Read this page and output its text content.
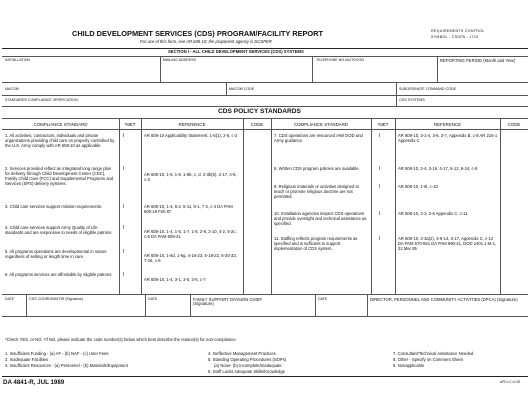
CHILD DEVELOPMENT SERVICES (CDS) PROGRAM/FACILITY REPORT
For use of this form, see AR 608-10; the proponent agency is DCSPER
REQUIREMENTS CONTROL
SYMBOL - CSDPA - 1710
SECTION I - ALL CHILD DEVELOPMENT SERVICES (CDS) SYSTEMS
INSTALLATION	MAILING ADDRESS	TELEPHONE NO./AUTOVON	REPORTING PERIOD (Month and Year)
MACOM	MACOM CODE	SUBORDINATE COMMAND CODE
STANDARDS COMPLIANCE VERIFICATION	CDS SYSTEMS
CDS POLICY STANDARDS
COMPLIANCE STANDARD	*MET	REFERENCE	CODE	COMPLIANCE STANDARD	*MET	REFERENCE	CODE
1. All activities, contractors, individuals and private organizations providing child care on property controlled by the U.S. Army comply with AR 608-10 as applicable.
I	AR 608-10 Applicability Statement, 1-6(1), 2-6, c-2
2. Services provided reflect an integrated long range plan for delivery through Child Development Center (CDC), Family Child Care (FCC) and Supplemental Programs and Services (SPS) delivery systems.
I
AR 608-10, 1-5, 1-6, 1-6b, c, d, 2-3b(6), 2-17, 4-5, c-3
3. Child care services support mission requirements.	I	AR 608-10, 1-4, 5-2, 5-11, 6-1, 7-2, c-4 DA PAM 600-19 Feb 87
4. Child care services support Army Quality of Life standards and are responsive to needs of eligible patrons.
I
AR 608-10, 1-4, 1-5, 1-7, 1-8, 2-9, 2-10, 4-2, 5-2c, c-5 DA PAM 608-41
5. All programs operations are developmental in nature regardless of setting or length time in care.
I
AR 608-10, 1-6d, 1-6g, 4-16-23, 5-18-22, 6-30-33, 7-16, c-6
6. All programs services are affordable by eligible patrons.	I
AR 608-10, 1-4, 3-1, 3-5, 3-6, c-7
7. CDS operations are resourced IAW DOD and Army guidance.
I	AR 608-10, 3-1-4, 3-6, 3-7, Appendix B, c-8 AR 215-1 Appendix C
8. Written CDS program policies are available.	I	AR 608-10, 2-4, 3-16, 4-17, 5-12, 6-24, c-9
9. Religious materials or activities designed to teach or promote religious doctrine are not permitted.
I	AR 608-10, 1-6l, c-10
10. Installation agencies inspect CDS operations and provide oversight and technical assistance as specified.
I	AR 608-10, 2-3, 2-6 Appendix C, c-11
11. Staffing reflects program requirements as specified and is sufficient to support implementation of CDS system.
I	AR 608-10, 2-3a(2), 3-9-14, 3-17, Appendix C, c-12 DA PAM 570-551 DA PAM 690-41, DOD 1401.1-M-1, 22 Mar 85
DATE	CDS COORDINATOR (Signature)	DATE	FAMILY SUPPORT DIVISION CHIEF (Signature)
DATE	DIRECTOR, PERSONNEL AND COMMUNITY ACTIVITIES (DPCA) (Signature)
*Check YES, or NO. *If NO, please indicate the code number(s) below which best describe the reason(s) for non-compliance.
1. Insufficient Funding - (a) AF - (b) NAF - (c) User Fees
2. Inadequate Facilities
3. Insufficient Resources - (a) Personnel - (b) Materials/Equipment
4. Ineffective Management Practices
5. Standing Operating Procedures (SOPs)
(a) None- (b) Incomplete/Inadequate
6. Staff Lacks Adequate Skills/Knowledge
7. Consultant/Technical Assistance Needed
8. Other - Specify on Comment Sheet
9. Nonapplicable
DA 4841-R, JUL 1989	APD LC v1.00
